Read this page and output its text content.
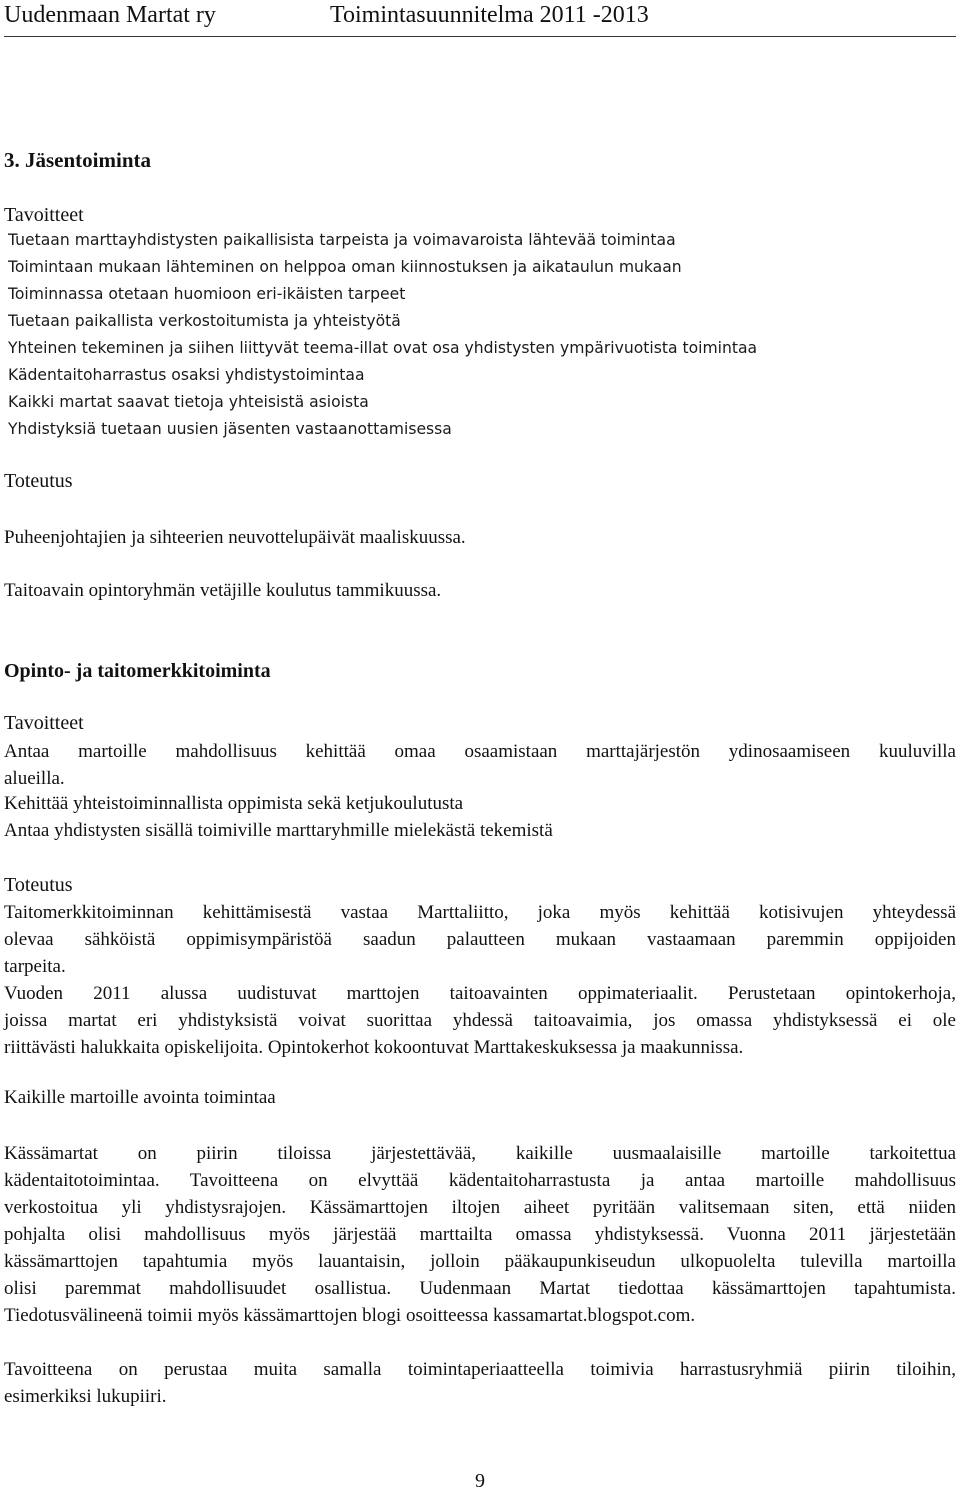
Uudenmaan Martat ry	Toimintasuunnitelma 2011 -2013
3. Jäsentoiminta
Tavoitteet
Tuetaan marttayhdistysten paikallisista tarpeista ja voimavaroista lähtevää toimintaa
Toimintaan mukaan lähteminen on helppoa oman kiinnostuksen ja aikataulun mukaan
Toiminnassa otetaan huomioon eri-ikäisten tarpeet
Tuetaan paikallista verkostoitumista ja yhteistyötä
Yhteinen tekeminen ja siihen liittyvät teema-illat ovat osa yhdistysten ympärivuotista toimintaa
Kädentaitoharrastus osaksi yhdistystoimintaa
Kaikki martat saavat tietoja yhteisistä asioista
Yhdistyksiä tuetaan uusien jäsenten vastaanottamisessa
Toteutus
Puheenjohtajien ja sihteerien neuvottelupäivät maaliskuussa.
Taitoavain opintoryhmän vetäjille koulutus tammikuussa.
Opinto- ja taitomerkkitoiminta
Tavoitteet
Antaa martoille mahdollisuus kehittää omaa osaamistaan marttajärjestön ydinosaamiseen kuuluvilla
alueilla.
Kehittää yhteistoiminnallista oppimista sekä ketjukoulutusta
Antaa yhdistysten sisällä toimiville marttaryhmille mielekästä tekemistä
Toteutus
Taitomerkkitoiminnan kehittämisestä vastaa Marttaliitto, joka myös kehittää kotisivujen yhteydessä
olevaa sähköistä oppimisympäristöä saadun palautteen mukaan vastaamaan paremmin oppijoiden
tarpeita.
Vuoden 2011 alussa uudistuvat marttojen taitoavainten oppimateriaalit. Perustetaan opintokerhoja,
joissa martat eri yhdistyksistä voivat suorittaa yhdessä taitoavaimia, jos omassa yhdistyksessä ei ole
riittävästi halukkaita opiskelijoita. Opintokerhot kokoontuvat Marttakeskuksessa ja maakunnissa.
Kaikille martoille avointa toimintaa
Kässämartat on piirin tiloissa järjestettävää, kaikille uusmaalaisille martoille tarkoitettua
kädentaitotoimintaa. Tavoitteena on elvyttää kädentaitoharrastusta ja antaa martoille mahdollisuus
verkostoitua yli yhdistysrajojen. Kässämarttojen iltojen aiheet pyritään valitsemaan siten, että niiden
pohjalta olisi mahdollisuus myös järjestää marttailta omassa yhdistyksessä. Vuonna 2011 järjestetään
kässämarttojen tapahtumia myös lauantaisin, jolloin pääkaupunkiseudun ulkopuolelta tulevilla martoilla
olisi paremmat mahdollisuudet osallistua. Uudenmaan Martat tiedottaa kässämarttojen tapahtumista.
Tiedotusvälineenä toimii myös kässämarttojen blogi osoitteessa kassamartat.blogspot.com.
Tavoitteena on perustaa muita samalla toimintaperiaatteella toimivia harrastusryhmiä piirin tiloihin,
esimerkiksi lukupiiri.
9
